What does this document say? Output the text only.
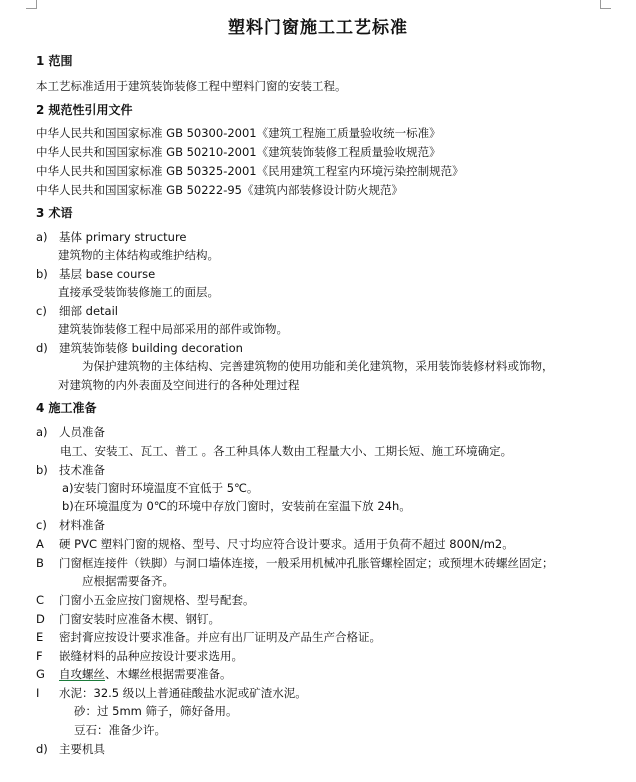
塑料门窗施工工艺标准
1 范围
本工艺标准适用于建筑装饰装修工程中塑料门窗的安装工程。
2 规范性引用文件
中华人民共和国国家标准 GB 50300-2001《建筑工程施工质量验收统一标准》
中华人民共和国国家标准 GB 50210-2001《建筑装饰装修工程质量验收规范》
中华人民共和国国家标准 GB 50325-2001《民用建筑工程室内环境污染控制规范》
中华人民共和国国家标准 GB 50222-95《建筑内部装修设计防火规范》
3 术语
a) 基体 primary structure
建筑物的主体结构或维护结构。
b) 基层 base course
直接承受装饰装修施工的面层。
c) 细部 detail
建筑装饰装修工程中局部采用的部件或饰物。
d) 建筑装饰装修 building decoration
为保护建筑物的主体结构、完善建筑物的使用功能和美化建筑物，采用装饰装修材料或饰物，
对建筑物的内外表面及空间进行的各种处理过程
4 施工准备
a) 人员准备
电工、安装工、瓦工、普工 。各工种具体人数由工程量大小、工期长短、施工环境确定。
b) 技术准备
a)安装门窗时环境温度不宜低于 5℃。
b)在环境温度为 0℃的环境中存放门窗时，安装前在室温下放 24h。
c) 材料准备
A 硬 PVC 塑料门窗的规格、型号、尺寸均应符合设计要求。适用于负荷不超过 800N/m2。
B 门窗框连接件（铁脚）与洞口墙体连接，一般采用机械冲孔胀管螺栓固定；或预埋木砖螺丝固定；
应根据需要备齐。
C 门窗小五金应按门窗规格、型号配套。
D 门窗安装时应准备木楔、钢钉。
E 密封膏应按设计要求准备。并应有出厂证明及产品生产合格证。
F 嵌缝材料的品种应按设计要求选用。
G 自攻螺丝、木螺丝根据需要准备。
I 水泥：32.5 级以上普通硅酸盐水泥或矿渣水泥。
砂：过 5mm 筛子，筛好备用。
豆石：准备少许。
d) 主要机具
